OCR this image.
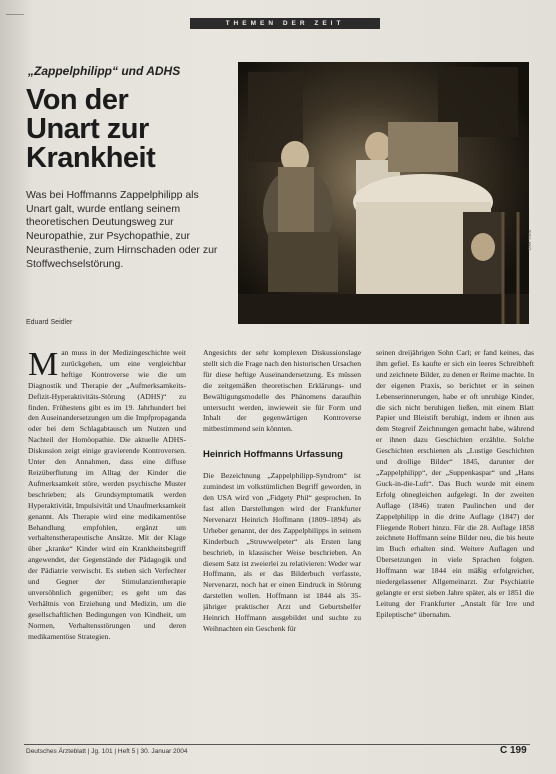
———
THEMEN DER ZEIT
„Zappelphilipp“ und ADHS
Von der
Unart zur
Krankheit
Was bei Hoffmanns Zappelphilipp als Unart galt, wurde entlang seinem theoretischen Deutungsweg zur Neuropathie, zur Psychopathie, zur Neurasthenie, zum Hirnschaden oder zur Stoffwechselstörung.
Eduard Seidler
Foto: AKG

Man muss in der Medizingeschichte weit zurückgehen, um eine vergleichbar heftige Kontroverse wie die um Diagnostik und Therapie der „Aufmerksamkeits-Defizit-Hyperaktivitäts-Störung (ADHS)“ zu finden. Frühestens gibt es im 19. Jahrhundert bei den Auseinandersetzungen um die Impfpropaganda oder bei dem Schlagabtausch um Nutzen und Nachteil der Homöopathie. Die aktuelle ADHS-Diskussion zeigt einige gravierende Kontroversen. Unter den Annahmen, dass eine diffuse Reizüberflutung im Alltag der Kinder die Aufmerksamkeit störe, werden psychische Muster beschrieben; als Grundsymptomatik werden Hyperaktivität, Impulsivität und Unaufmerksamkeit genannt. Als Therapie wird eine medikamentöse Behandlung empfohlen, ergänzt um verhaltenstherapeutische Ansätze. Mit der Klage über „kranke“ Kinder wird ein Krankheitsbegriff angewendet, der Gegenstände der Pädagogik und der Pädiatrie verwischt. Es stehen sich Verfechter und Gegner der Stimulanzientherapie unversöhnlich gegenüber; es geht um das Verhältnis von Erziehung und Medizin, um die gesellschaftlichen Bedingungen von Kindheit, um Normen, Verhaltensstörungen und deren medikamentöse Strategien.

Angesichts der sehr komplexen Diskussionslage stellt sich die Frage nach den historischen Ursachen für diese heftige Auseinandersetzung. Es müssen die zeitgemäßen theoretischen Erklärungs- und Bewältigungsmodelle des Phänomens daraufhin untersucht werden, inwieweit sie für Form und Inhalt der gegenwärtigen Kontroverse mitbestimmend sein könnten.

Heinrich Hoffmanns Urfassung

Die Bezeichnung „Zappelphilipp-Syndrom“ ist zumindest im volkstümlichen Begriff geworden, in den USA wird von „Fidgety Phil“ gesprochen. In fast allen Darstellungen wird der Frankfurter Nervenarzt Heinrich Hoffmann (1809–1894) als Urheber genannt, der des Zappelphilipps in seinem Kinderbuch „Struwwelpeter“ als Ersten lang beschrieb, in klassischer Weise beschrieben. An diesem Satz ist zweierlei zu relativieren: Weder war Hoffmann, als er das Bilderbuch verfasste, Nervenarzt, noch hat er einen Eindruck in Störung darstellen wollen. Hoffmann ist 1844 als 35-jähriger praktischer Arzt und Geburtshelfer Heinrich Hoffmann ausgebildet und suchte zu Weihnachten ein Geschenk für

seinen dreijährigen Sohn Carl; er fand keines, das ihm gefiel. Es kaufte er sich ein leeres Schreibheft und zeichnete Bilder, zu denen er Reime machte. In der eigenen Praxis, so berichtet er in seinen Lebenserinnerungen, habe er oft unruhige Kinder, die sich nicht beruhigen ließen, mit einem Blatt Papier und Bleistift beruhigt, indem er ihnen aus dem Stegreif Zeichnungen gemacht habe, während er ihnen dazu Geschichten erzählte. Solche Geschichten erschienen als „Lustige Geschichten und drollige Bilder“ 1845, darunter der „Zappelphilipp“, der „Suppenkaspar“ und „Hans Guck-in-die-Luft“. Das Buch wurde mit einem Erfolg ohnegleichen aufgelegt. In der zweiten Auflage (1846) traten Paulinchen und der Zappelphilipp in die dritte Auflage (1847) der Fliegende Robert hinzu. Für die 28. Auflage 1858 zeichnete Hoffmann seine Bilder neu, die bis heute im Buch erhalten sind. Weitere Auflagen und Übersetzungen in viele Sprachen folgten. Hoffmann war 1844 ein mäßig erfolgreicher, niedergelassener Allgemeinarzt. Zur Psychiatrie gelangte er erst sieben Jahre später, als er 1851 die Leitung der Frankfurter „Anstalt für Irre und Epileptische“ übernahm.

Deutsches Ärzteblatt | Jg. 101 | Heft 5 | 30. Januar 2004	C 199
